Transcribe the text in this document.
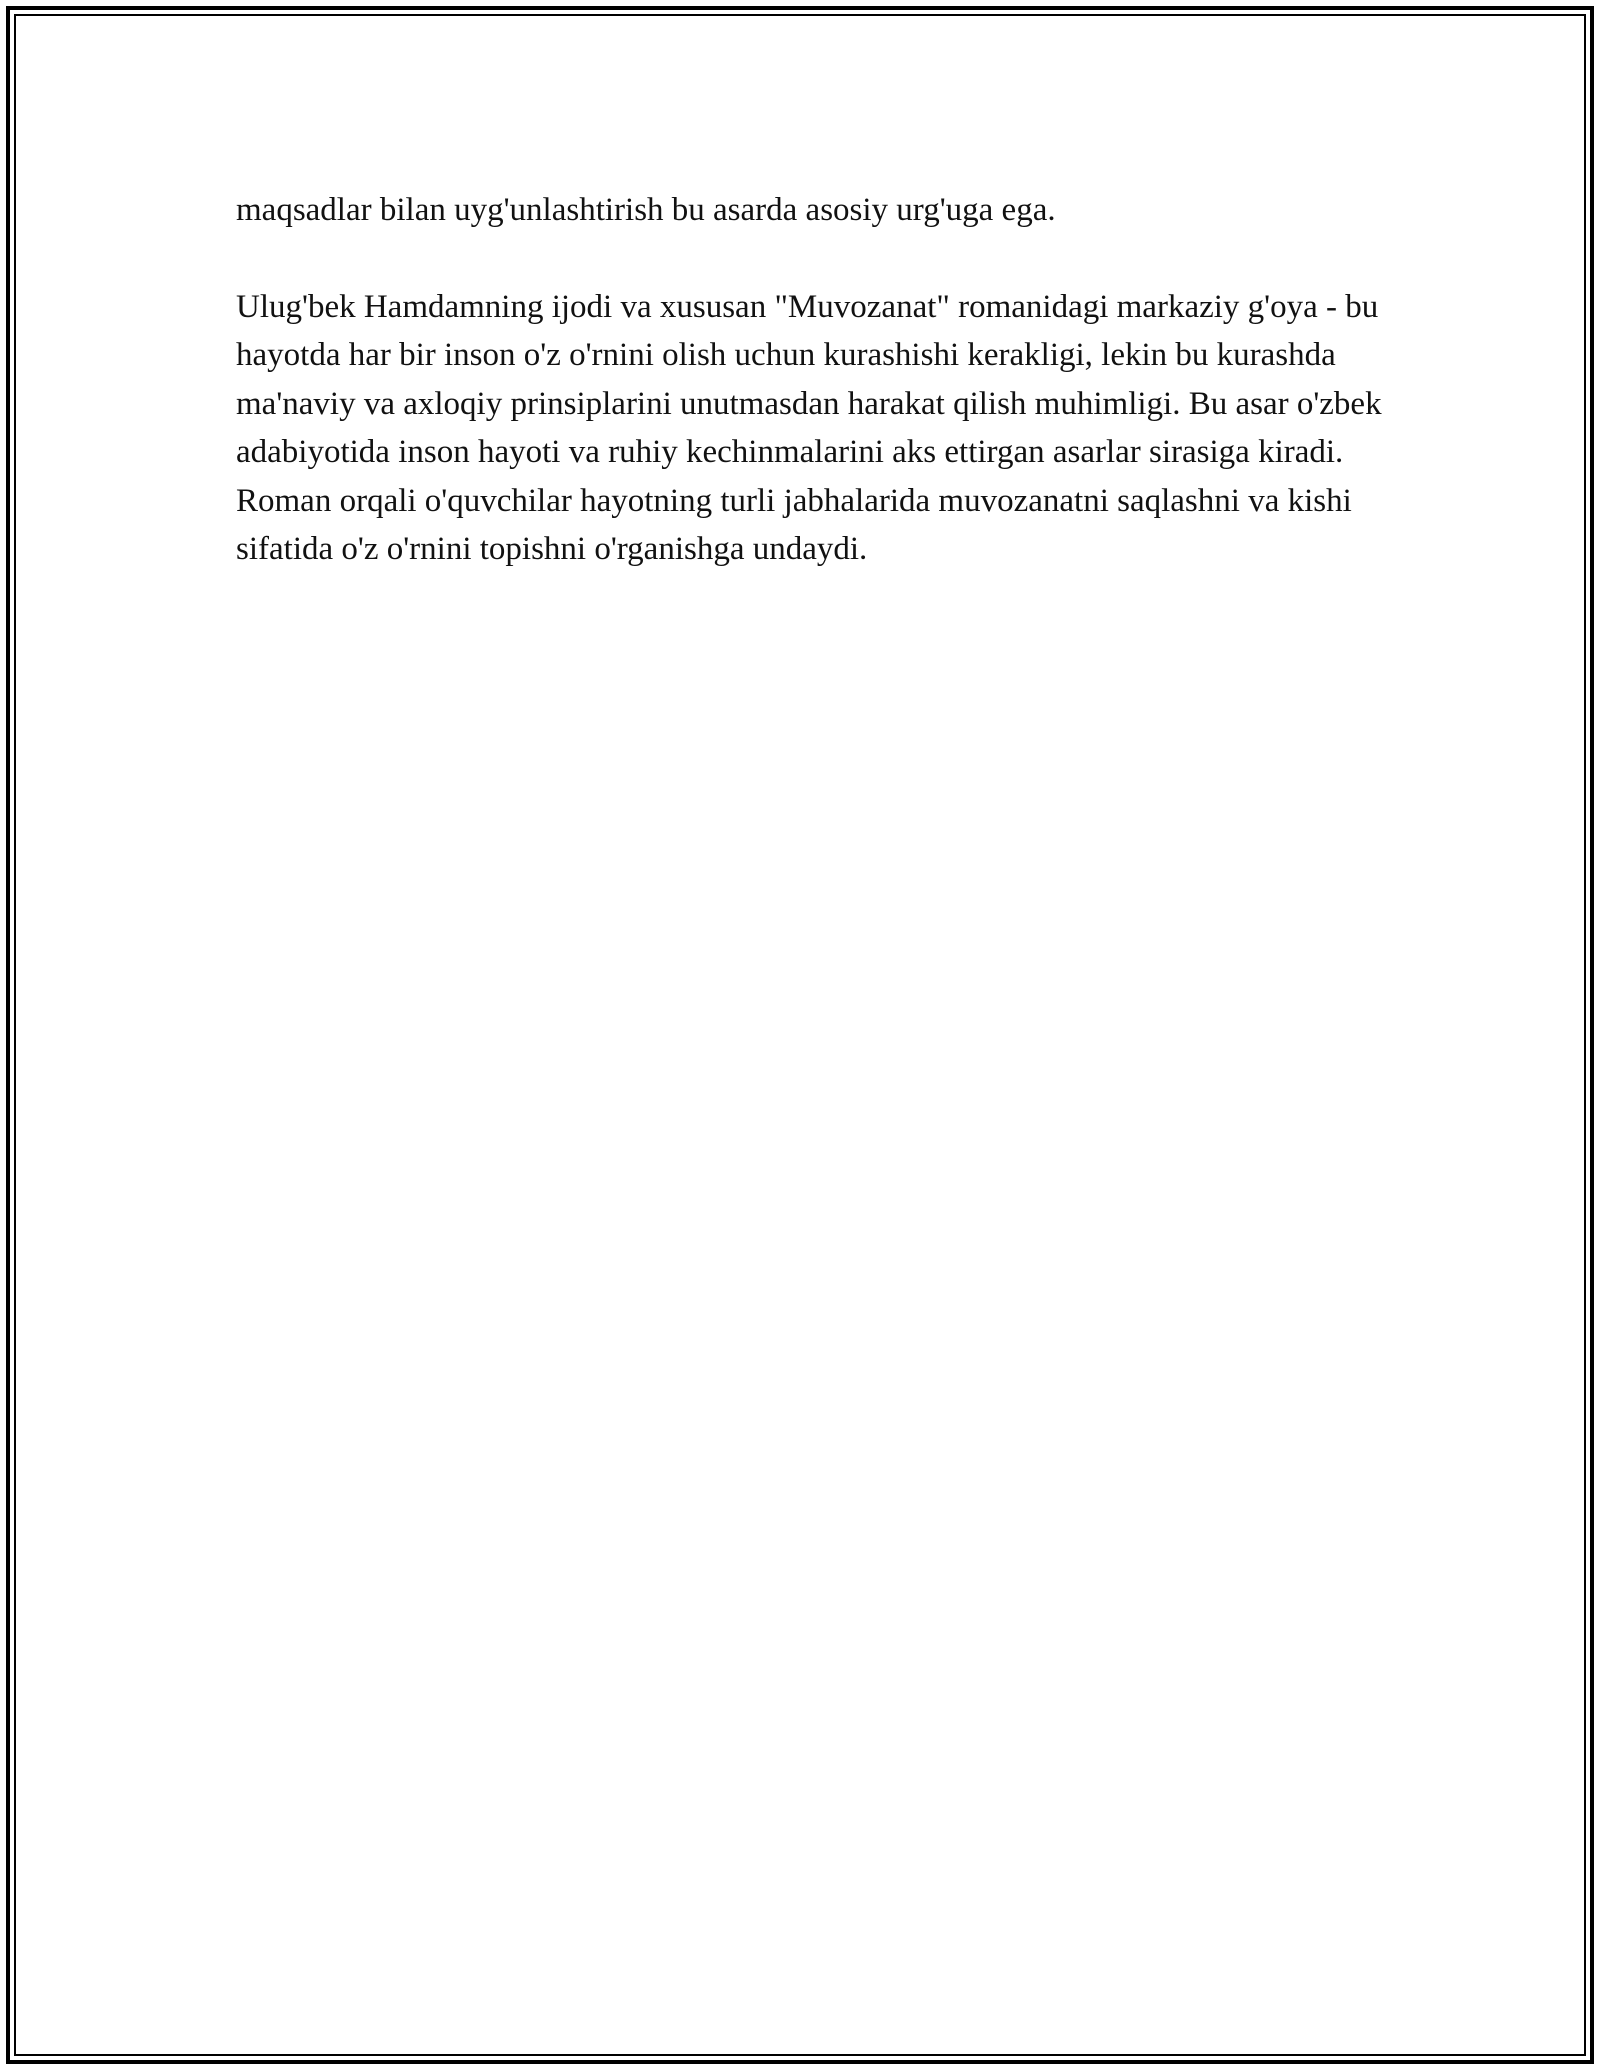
maqsadlar bilan uyg'unlashtirish bu asarda asosiy urg'uga ega.

Ulug'bek Hamdamning ijodi va xususan "Muvozanat" romanidagi markaziy g'oya - bu hayotda har bir inson o'z o'rnini olish uchun kurashishi kerakligi, lekin bu kurashda ma'naviy va axloqiy prinsiplarini unutmasdan harakat qilish muhimligi. Bu asar o'zbek adabiyotida inson hayoti va ruhiy kechinmalarini aks ettirgan asarlar sirasiga kiradi. Roman orqali o'quvchilar hayotning turli jabhalarida muvozanatni saqlashni va kishi sifatida o'z o'rnini topishni o'rganishga undaydi.
